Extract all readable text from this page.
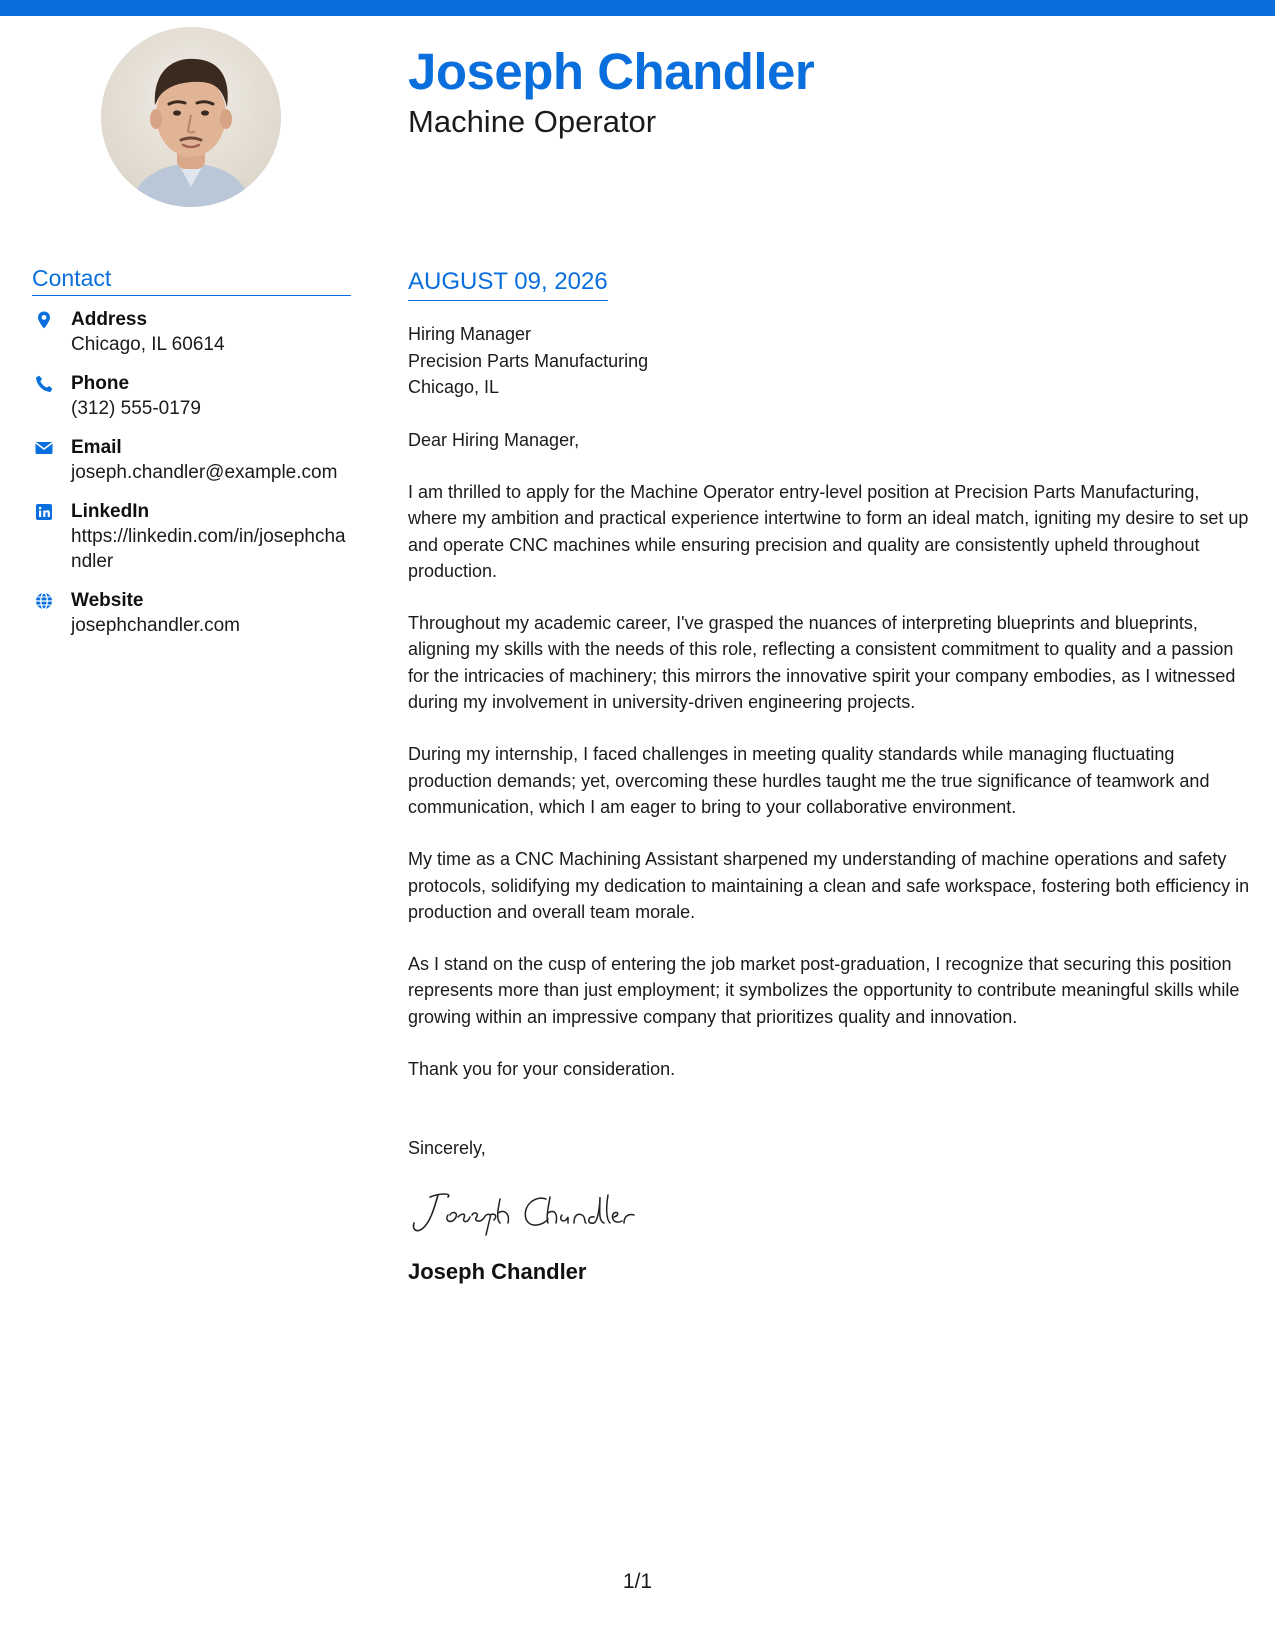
Joseph Chandler
Machine Operator
Contact
Address
Chicago, IL 60614
Phone
(312) 555-0179
Email
joseph.chandler@example.com
LinkedIn
https://linkedin.com/in/josephchandler
Website
josephchandler.com
AUGUST 09, 2026
Hiring Manager
Precision Parts Manufacturing
Chicago, IL
Dear Hiring Manager,
I am thrilled to apply for the Machine Operator entry-level position at Precision Parts Manufacturing, where my ambition and practical experience intertwine to form an ideal match, igniting my desire to set up and operate CNC machines while ensuring precision and quality are consistently upheld throughout production.
Throughout my academic career, I've grasped the nuances of interpreting blueprints and blueprints, aligning my skills with the needs of this role, reflecting a consistent commitment to quality and a passion for the intricacies of machinery; this mirrors the innovative spirit your company embodies, as I witnessed during my involvement in university-driven engineering projects.
During my internship, I faced challenges in meeting quality standards while managing fluctuating production demands; yet, overcoming these hurdles taught me the true significance of teamwork and communication, which I am eager to bring to your collaborative environment.
My time as a CNC Machining Assistant sharpened my understanding of machine operations and safety protocols, solidifying my dedication to maintaining a clean and safe workspace, fostering both efficiency in production and overall team morale.
As I stand on the cusp of entering the job market post-graduation, I recognize that securing this position represents more than just employment; it symbolizes the opportunity to contribute meaningful skills while growing within an impressive company that prioritizes quality and innovation.
Thank you for your consideration.
Sincerely,
Joseph Chandler
1/1
